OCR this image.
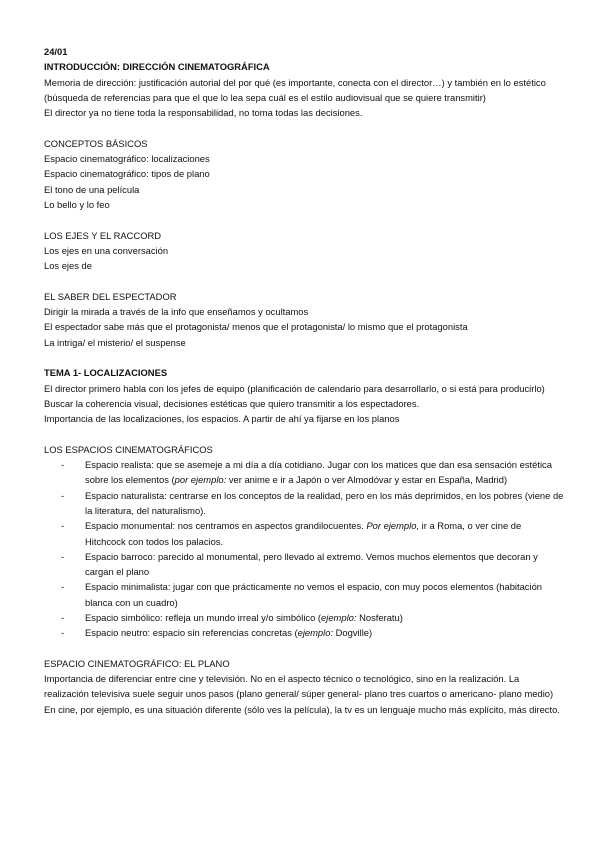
24/01
INTRODUCCIÓN: DIRECCIÓN CINEMATOGRÁFICA
Memoria de dirección: justificación autorial del por qué (es importante, conecta con el director…) y también en lo estético (búsqueda de referencias para que el que lo lea sepa cuál es el estilo audiovisual que se quiere transmitir)
El director ya no tiene toda la responsabilidad, no toma todas las decisiones.
CONCEPTOS BÁSICOS
Espacio cinematográfico: localizaciones
Espacio cinematográfico: tipos de plano
El tono de una película
Lo bello y lo feo
LOS EJES Y EL RACCORD
Los ejes en una conversación
Los ejes de
EL SABER DEL ESPECTADOR
Dirigir la mirada a través de la info que enseñamos y ocultamos
El espectador sabe más que el protagonista/ menos que el protagonista/ lo mismo que el protagonista
La intriga/ el misterio/ el suspense
TEMA 1- LOCALIZACIONES
El director primero habla con los jefes de equipo (planificación de calendario para desarrollarlo, o si está para producirlo)
Buscar la coherencia visual, decisiones estéticas que quiero transmitir a los espectadores.
Importancia de las localizaciones, los espacios. A partir de ahí ya fijarse en los planos
LOS ESPACIOS CINEMATOGRÁFICOS
- Espacio realista: que se asemeje a mi día a día cotidiano. Jugar con los matices que dan esa sensación estética sobre los elementos (por ejemplo: ver anime e ir a Japón o ver Almodóvar y estar en España, Madrid)
- Espacio naturalista: centrarse en los conceptos de la realidad, pero en los más deprimidos, en los pobres (viene de la literatura, del naturalismo).
- Espacio monumental: nos centramos en aspectos grandilocuentes. Por ejemplo, ir a Roma, o ver cine de Hitchcock con todos los palacios.
- Espacio barroco: parecido al monumental, pero llevado al extremo. Vemos muchos elementos que decoran y cargan el plano
- Espacio minimalista: jugar con que prácticamente no vemos el espacio, con muy pocos elementos (habitación blanca con un cuadro)
- Espacio simbólico: refleja un mundo irreal y/o simbólico (ejemplo: Nosferatu)
- Espacio neutro: espacio sin referencias concretas (ejemplo: Dogville)
ESPACIO CINEMATOGRÁFICO: EL PLANO
Importancia de diferenciar entre cine y televisión. No en el aspecto técnico o tecnológico, sino en la realización. La realización televisiva suele seguir unos pasos (plano general/ súper general- plano tres cuartos o americano- plano medio) En cine, por ejemplo, es una situación diferente (sólo ves la película), la tv es un lenguaje mucho más explícito, más directo.
